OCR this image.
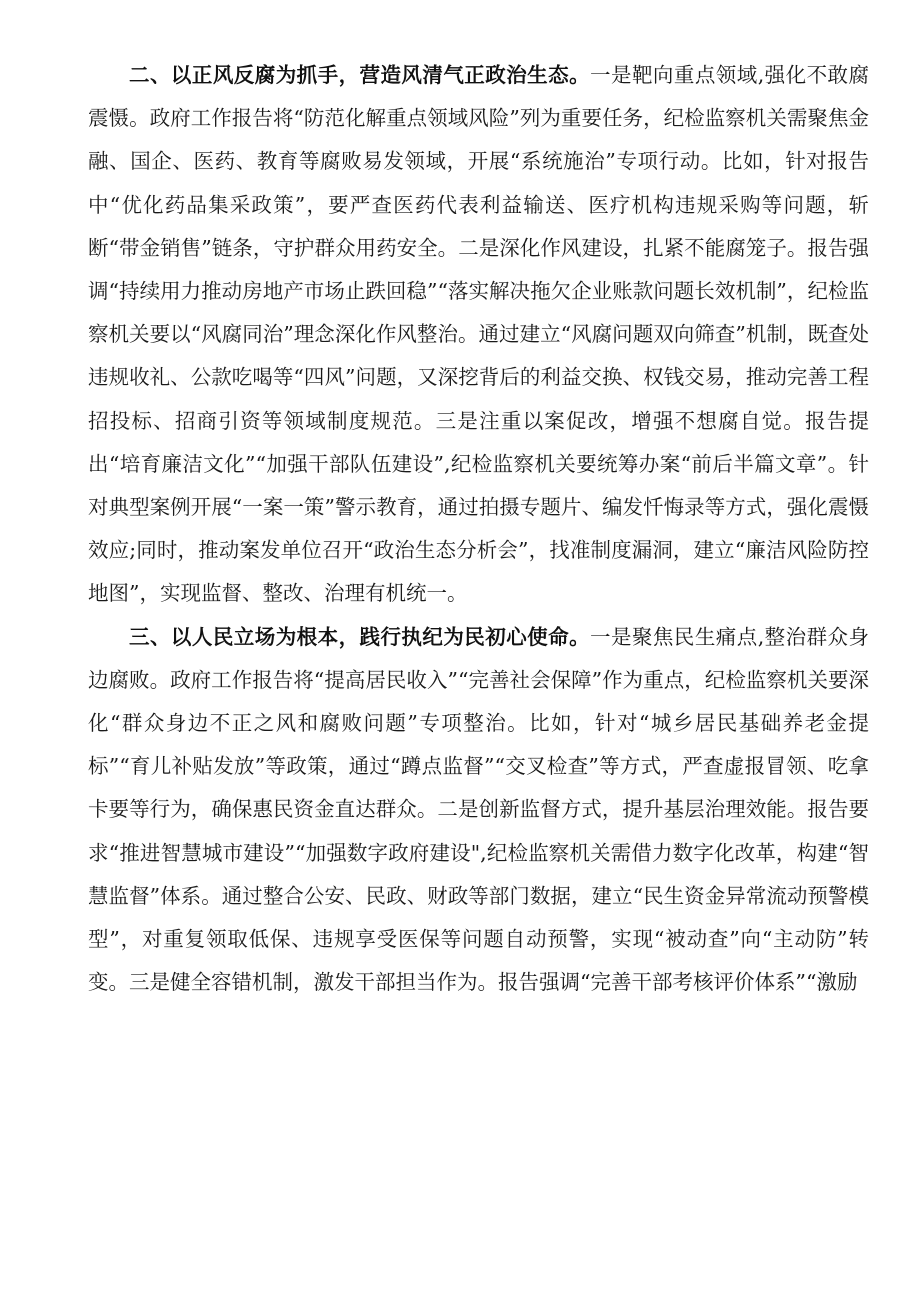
二、以正风反腐为抓手，营造风清气正政治生态。一是靶向重点领域,强化不敢腐震慑。政府工作报告将“防范化解重点领域风险”列为重要任务，纪检监察机关需聚焦金融、国企、医药、教育等腐败易发领域，开展“系统施治”专项行动。比如，针对报告中“优化药品集采政策”，要严查医药代表利益输送、医疗机构违规采购等问题，斩断“带金销售”链条，守护群众用药安全。二是深化作风建设，扎紧不能腐笼子。报告强调“持续用力推动房地产市场止跌回稳”“落实解决拖欠企业账款问题长效机制”，纪检监察机关要以“风腐同治”理念深化作风整治。通过建立“风腐问题双向筛查”机制，既查处违规收礼、公款吃喝等“四风”问题，又深挖背后的利益交换、权钱交易，推动完善工程招投标、招商引资等领域制度规范。三是注重以案促改，增强不想腐自觉。报告提出“培育廉洁文化”“加强干部队伍建设”,纪检监察机关要统筹办案“前后半篇文章”。针对典型案例开展“一案一策”警示教育，通过拍摄专题片、编发忏悔录等方式，强化震慑效应;同时，推动案发单位召开“政治生态分析会”，找准制度漏洞，建立“廉洁风险防控地图”，实现监督、整改、治理有机统一。

三、以人民立场为根本，践行执纪为民初心使命。一是聚焦民生痛点,整治群众身边腐败。政府工作报告将“提高居民收入”“完善社会保障”作为重点，纪检监察机关要深化“群众身边不正之风和腐败问题”专项整治。比如，针对“城乡居民基础养老金提标”“育儿补贴发放”等政策，通过“蹲点监督”“交叉检查”等方式，严查虚报冒领、吃拿卡要等行为，确保惠民资金直达群众。二是创新监督方式，提升基层治理效能。报告要求“推进智慧城市建设”“加强数字政府建设",纪检监察机关需借力数字化改革，构建“智慧监督”体系。通过整合公安、民政、财政等部门数据，建立“民生资金异常流动预警模型”，对重复领取低保、违规享受医保等问题自动预警，实现“被动查”向“主动防”转变。三是健全容错机制，激发干部担当作为。报告强调“完善干部考核评价体系”“激励
